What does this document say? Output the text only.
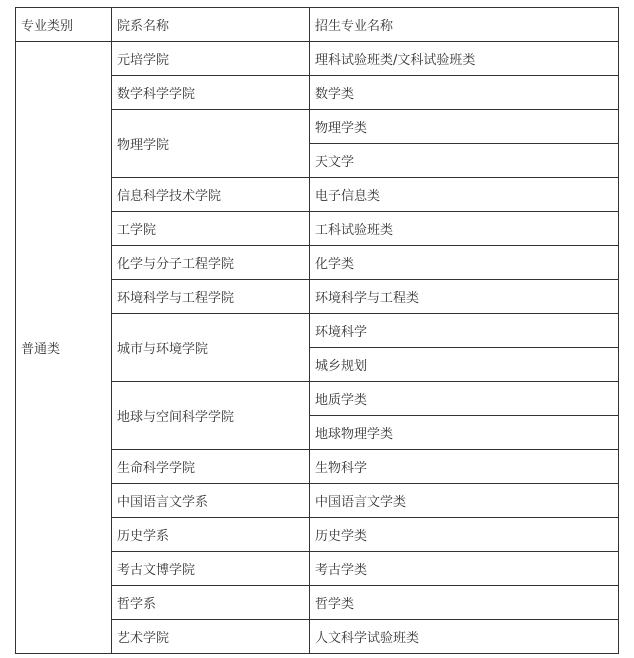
专业类别	院系名称	招生专业名称
普通类	元培学院	理科试验班类/文科试验班类
	数学科学学院	数学类
	物理学院	物理学类
		天文学
	信息科学技术学院	电子信息类
	工学院	工科试验班类
	化学与分子工程学院	化学类
	环境科学与工程学院	环境科学与工程类
	城市与环境学院	环境科学
		城乡规划
	地球与空间科学学院	地质学类
		地球物理学类
	生命科学学院	生物科学
	中国语言文学系	中国语言文学类
	历史学系	历史学类
	考古文博学院	考古学类
	哲学系	哲学类
	艺术学院	人文科学试验班类
